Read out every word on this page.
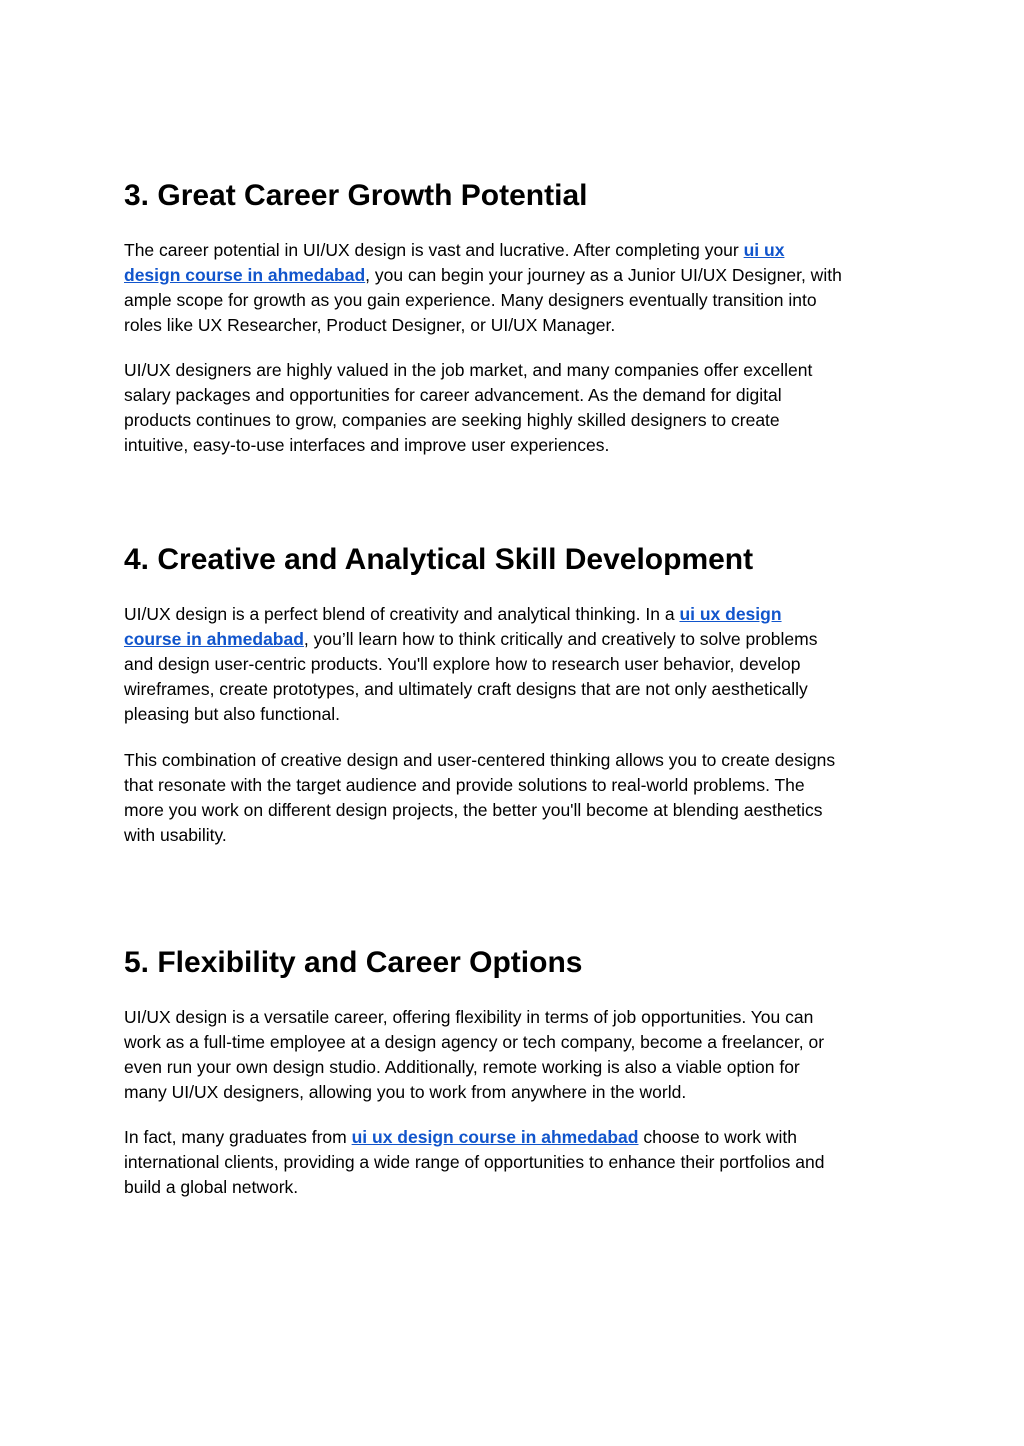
3. Great Career Growth Potential

The career potential in UI/UX design is vast and lucrative. After completing your ui ux
design course in ahmedabad, you can begin your journey as a Junior UI/UX Designer, with
ample scope for growth as you gain experience. Many designers eventually transition into
roles like UX Researcher, Product Designer, or UI/UX Manager.

UI/UX designers are highly valued in the job market, and many companies offer excellent
salary packages and opportunities for career advancement. As the demand for digital
products continues to grow, companies are seeking highly skilled designers to create
intuitive, easy-to-use interfaces and improve user experiences.

4. Creative and Analytical Skill Development

UI/UX design is a perfect blend of creativity and analytical thinking. In a ui ux design
course in ahmedabad, you’ll learn how to think critically and creatively to solve problems
and design user-centric products. You'll explore how to research user behavior, develop
wireframes, create prototypes, and ultimately craft designs that are not only aesthetically
pleasing but also functional.

This combination of creative design and user-centered thinking allows you to create designs
that resonate with the target audience and provide solutions to real-world problems. The
more you work on different design projects, the better you'll become at blending aesthetics
with usability.

5. Flexibility and Career Options

UI/UX design is a versatile career, offering flexibility in terms of job opportunities. You can
work as a full-time employee at a design agency or tech company, become a freelancer, or
even run your own design studio. Additionally, remote working is also a viable option for
many UI/UX designers, allowing you to work from anywhere in the world.

In fact, many graduates from ui ux design course in ahmedabad choose to work with
international clients, providing a wide range of opportunities to enhance their portfolios and
build a global network.
